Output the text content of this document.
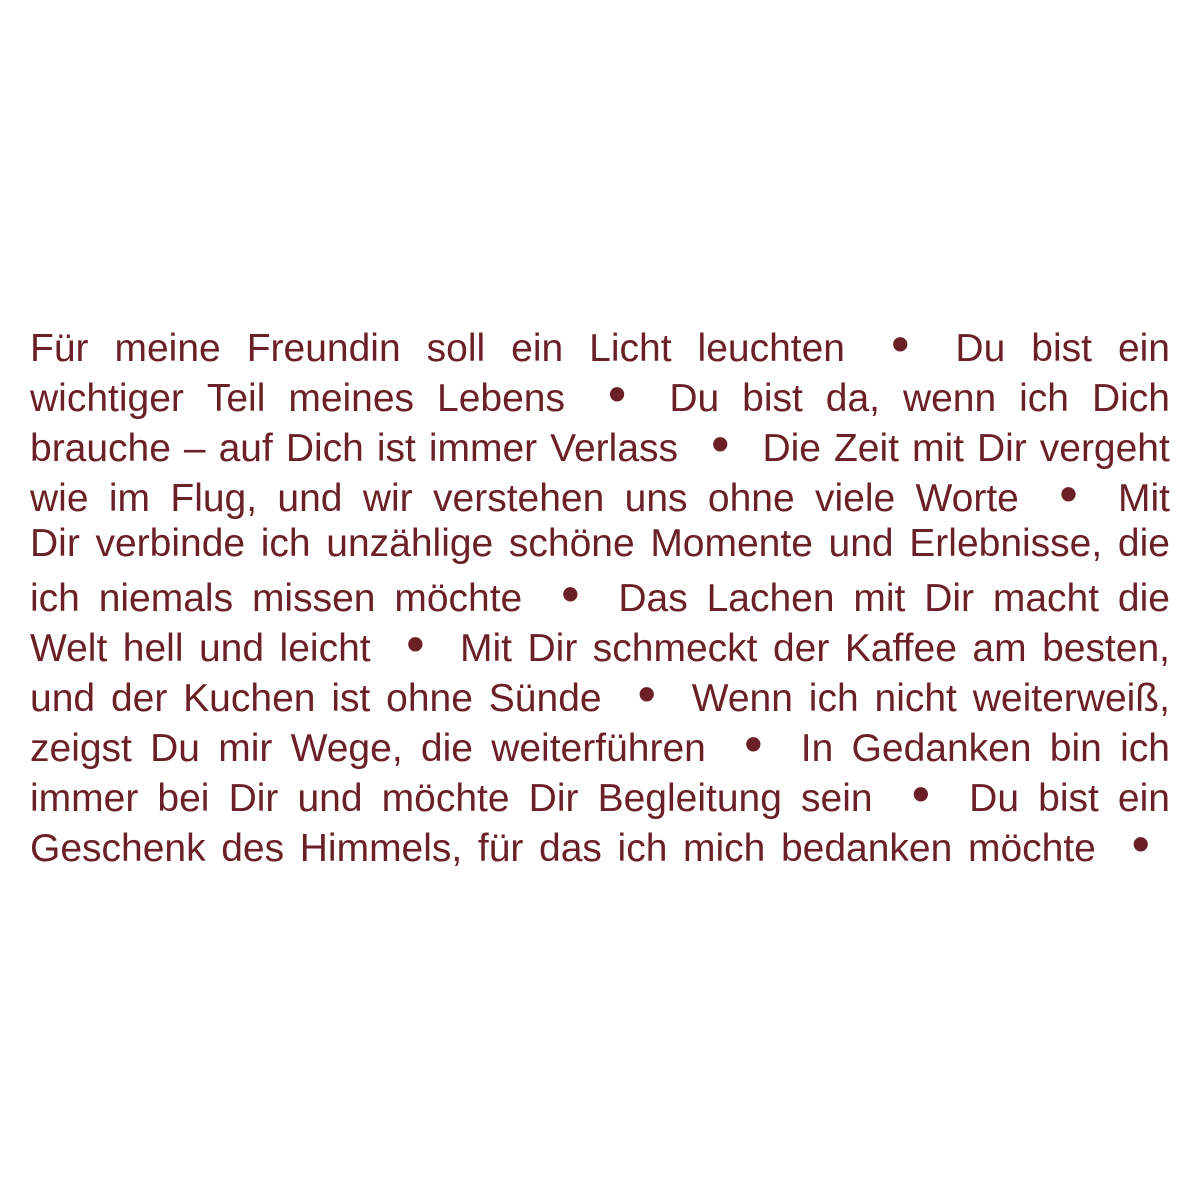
Für meine Freundin soll ein Licht leuchten • Du bist ein
wichtiger Teil meines Lebens • Du bist da, wenn ich Dich
brauche – auf Dich ist immer Verlass • Die Zeit mit Dir vergeht
wie im Flug, und wir verstehen uns ohne viele Worte • Mit
Dir verbinde ich unzählige schöne Momente und Erlebnisse, die
ich niemals missen möchte • Das Lachen mit Dir macht die
Welt hell und leicht • Mit Dir schmeckt der Kaffee am besten,
und der Kuchen ist ohne Sünde • Wenn ich nicht weiterweiß,
zeigst Du mir Wege, die weiterführen • In Gedanken bin ich
immer bei Dir und möchte Dir Begleitung sein • Du bist ein
Geschenk des Himmels, für das ich mich bedanken möchte •
